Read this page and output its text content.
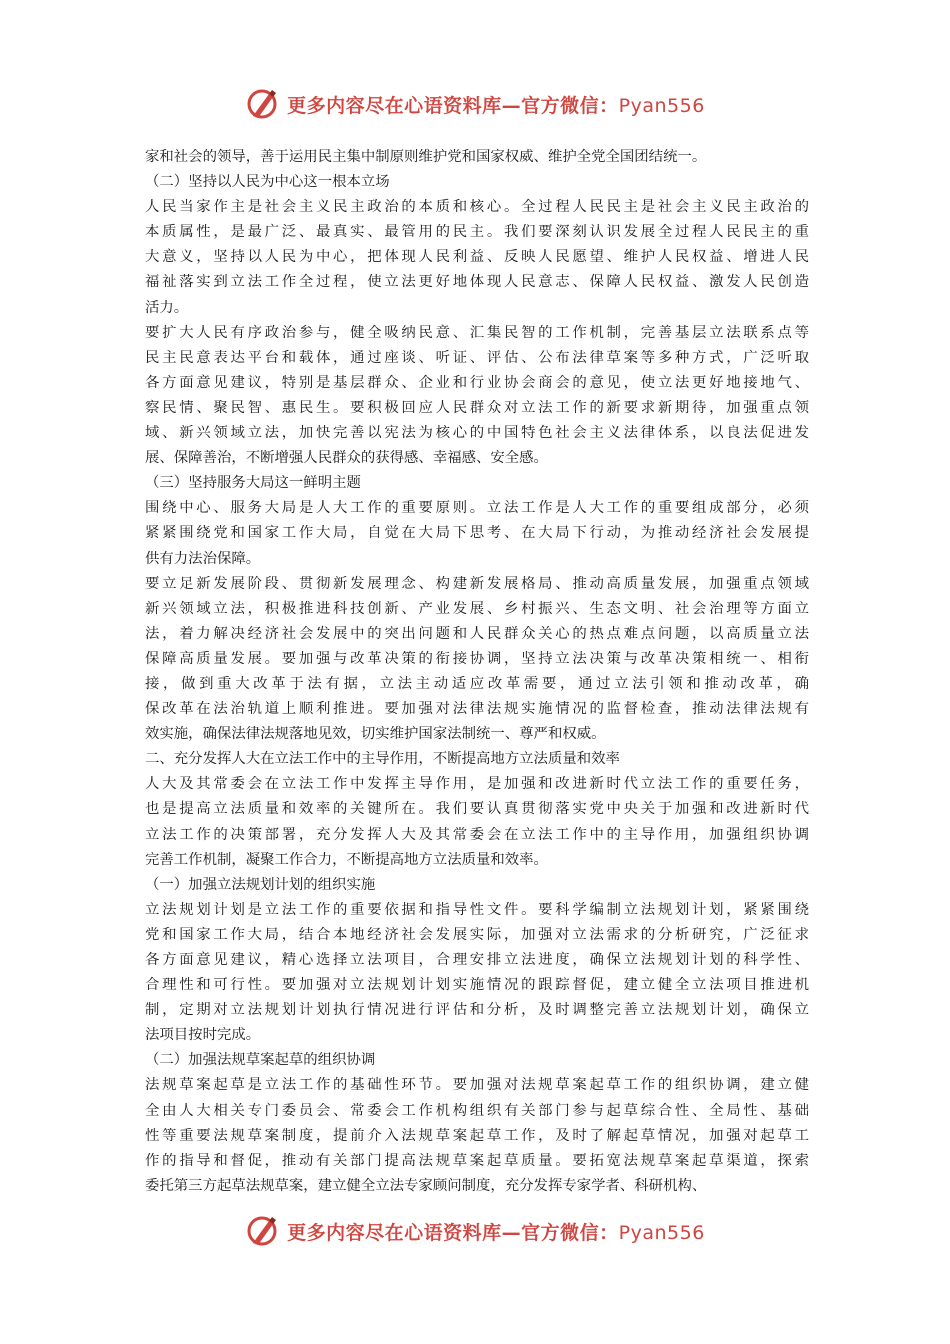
更多内容尽在心语资料库—官方微信：Pyan556
家和社会的领导，善于运用民主集中制原则维护党和国家权威、维护全党全国团结统一。
（二）坚持以人民为中心这一根本立场
人民当家作主是社会主义民主政治的本质和核心。全过程人民民主是社会主义民主政治的
本质属性，是最广泛、最真实、最管用的民主。我们要深刻认识发展全过程人民民主的重
大意义，坚持以人民为中心，把体现人民利益、反映人民愿望、维护人民权益、增进人民
福祉落实到立法工作全过程，使立法更好地体现人民意志、保障人民权益、激发人民创造
活力。
要扩大人民有序政治参与，健全吸纳民意、汇集民智的工作机制，完善基层立法联系点等
民主民意表达平台和载体，通过座谈、听证、评估、公布法律草案等多种方式，广泛听取
各方面意见建议，特别是基层群众、企业和行业协会商会的意见，使立法更好地接地气、
察民情、聚民智、惠民生。要积极回应人民群众对立法工作的新要求新期待，加强重点领
域、新兴领域立法，加快完善以宪法为核心的中国特色社会主义法律体系，以良法促进发
展、保障善治，不断增强人民群众的获得感、幸福感、安全感。
（三）坚持服务大局这一鲜明主题
围绕中心、服务大局是人大工作的重要原则。立法工作是人大工作的重要组成部分，必须
紧紧围绕党和国家工作大局，自觉在大局下思考、在大局下行动，为推动经济社会发展提
供有力法治保障。
要立足新发展阶段、贯彻新发展理念、构建新发展格局、推动高质量发展，加强重点领域
新兴领域立法，积极推进科技创新、产业发展、乡村振兴、生态文明、社会治理等方面立
法，着力解决经济社会发展中的突出问题和人民群众关心的热点难点问题，以高质量立法
保障高质量发展。要加强与改革决策的衔接协调，坚持立法决策与改革决策相统一、相衔
接，做到重大改革于法有据，立法主动适应改革需要，通过立法引领和推动改革，确
保改革在法治轨道上顺利推进。要加强对法律法规实施情况的监督检查，推动法律法规有
效实施，确保法律法规落地见效，切实维护国家法制统一、尊严和权威。
二、充分发挥人大在立法工作中的主导作用，不断提高地方立法质量和效率
人大及其常委会在立法工作中发挥主导作用，是加强和改进新时代立法工作的重要任务，
也是提高立法质量和效率的关键所在。我们要认真贯彻落实党中央关于加强和改进新时代
立法工作的决策部署，充分发挥人大及其常委会在立法工作中的主导作用，加强组织协调
完善工作机制，凝聚工作合力，不断提高地方立法质量和效率。
（一）加强立法规划计划的组织实施
立法规划计划是立法工作的重要依据和指导性文件。要科学编制立法规划计划，紧紧围绕
党和国家工作大局，结合本地经济社会发展实际，加强对立法需求的分析研究，广泛征求
各方面意见建议，精心选择立法项目，合理安排立法进度，确保立法规划计划的科学性、
合理性和可行性。要加强对立法规划计划实施情况的跟踪督促，建立健全立法项目推进机
制，定期对立法规划计划执行情况进行评估和分析，及时调整完善立法规划计划，确保立
法项目按时完成。
（二）加强法规草案起草的组织协调
法规草案起草是立法工作的基础性环节。要加强对法规草案起草工作的组织协调，建立健
全由人大相关专门委员会、常委会工作机构组织有关部门参与起草综合性、全局性、基础
性等重要法规草案制度，提前介入法规草案起草工作，及时了解起草情况，加强对起草工
作的指导和督促，推动有关部门提高法规草案起草质量。要拓宽法规草案起草渠道，探索
委托第三方起草法规草案，建立健全立法专家顾问制度，充分发挥专家学者、科研机构、
更多内容尽在心语资料库—官方微信：Pyan556
